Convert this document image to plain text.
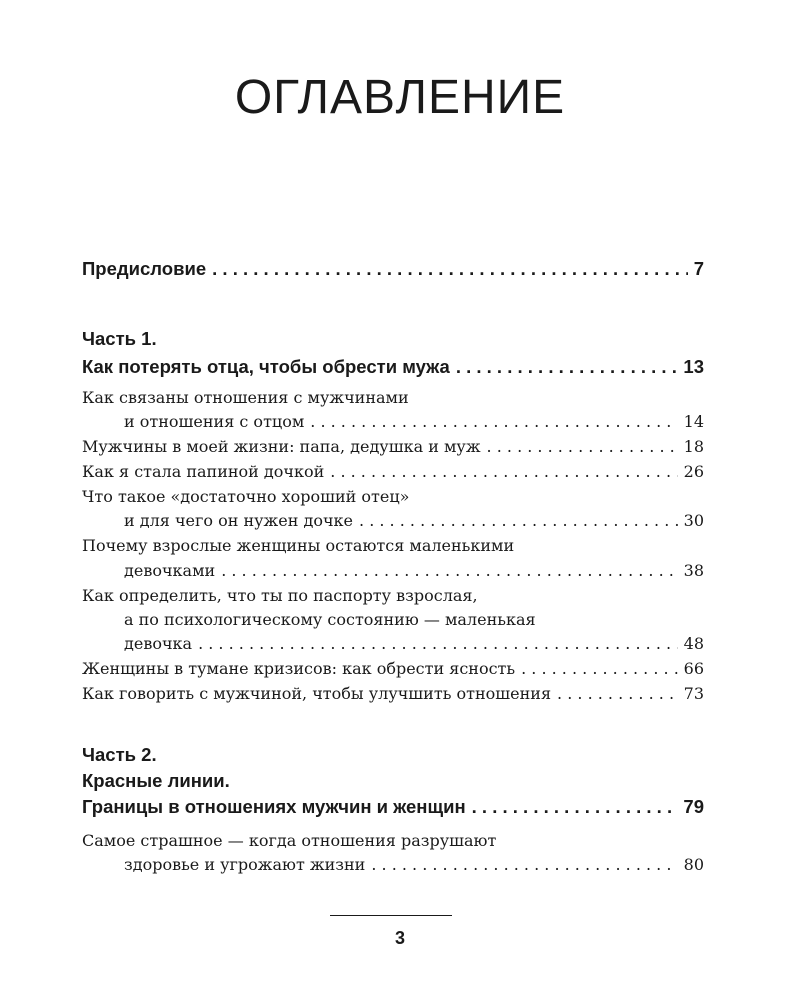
ОГЛАВЛЕНИЕ
Предисловие . . .	7
Часть 1.
Как потерять отца, чтобы обрести мужа . . .	13
Как связаны отношения с мужчинами
и отношения с отцом . . .	14
Мужчины в моей жизни: папа, дедушка и муж . . .	18
Как я стала папиной дочкой . . .	26
Что такое «достаточно хороший отец»
и для чего он нужен дочке . . .	30
Почему взрослые женщины остаются маленькими
девочками . . .	38
Как определить, что ты по паспорту взрослая,
а по психологическому состоянию — маленькая
девочка . . .	48
Женщины в тумане кризисов: как обрести ясность . . .	66
Как говорить с мужчиной, чтобы улучшить отношения . . .	73
Часть 2.
Красные линии.
Границы в отношениях мужчин и женщин . . .	79
Самое страшное — когда отношения разрушают
здоровье и угрожают жизни . . .	80
3
